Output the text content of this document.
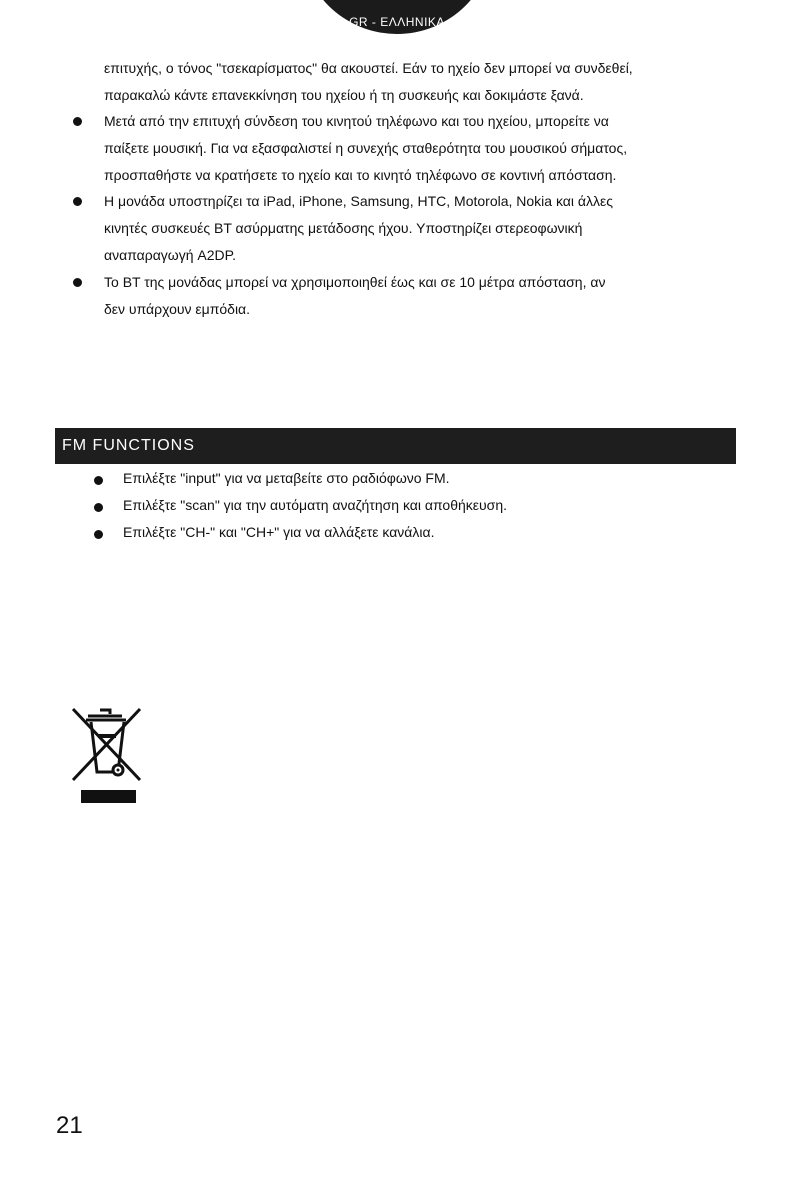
GR - ΕΛΛΗΝΙΚΑ
επιτυχής, ο τόνος "τσεκαρίσματος" θα ακουστεί. Εάν το ηχείο δεν μπορεί να συνδεθεί,
παρακαλώ κάντε επανεκκίνηση του ηχείου ή τη συσκευής και δοκιμάστε ξανά.
Μετά από την επιτυχή σύνδεση του κινητού τηλέφωνο και του ηχείου, μπορείτε να
παίξετε μουσική. Για να εξασφαλιστεί η συνεχής σταθερότητα του μουσικού σήματος,
προσπαθήστε να κρατήσετε το ηχείο και το κινητό τηλέφωνο σε κοντινή απόσταση.
Η μονάδα υποστηρίζει τα iPad, iPhone, Samsung, HTC, Motorola, Nokia και άλλες
κινητές συσκευές BT ασύρματης μετάδοσης ήχου. Υποστηρίζει στερεοφωνική
αναπαραγωγή A2DP.
Το BT της μονάδας μπορεί να χρησιμοποιηθεί έως και σε 10 μέτρα απόσταση, αν
δεν υπάρχουν εμπόδια.
FM FUNCTIONS
Επιλέξτε "input" για να μεταβείτε στο ραδιόφωνο FM.
Επιλέξτε "scan" για την αυτόματη αναζήτηση και αποθήκευση.
Επιλέξτε "CH-" και "CH+" για να αλλάξετε κανάλια.
21
